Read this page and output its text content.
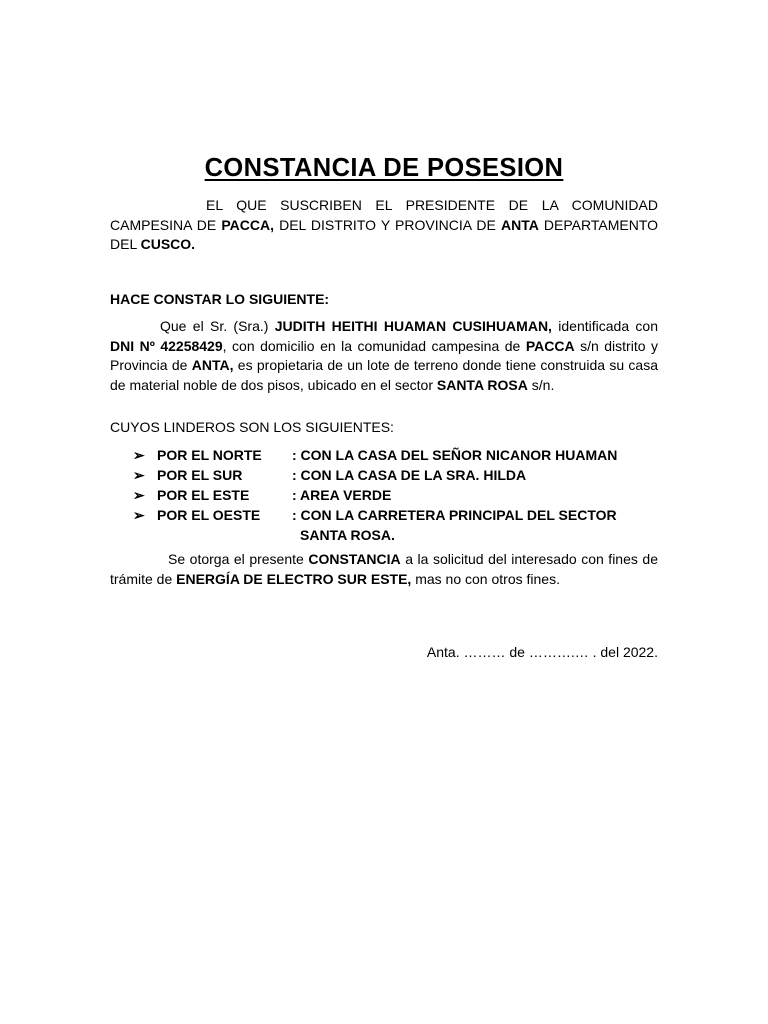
CONSTANCIA DE POSESION
EL QUE SUSCRIBEN EL PRESIDENTE DE LA COMUNIDAD CAMPESINA DE PACCA, DEL DISTRITO Y PROVINCIA DE ANTA DEPARTAMENTO DEL CUSCO.
HACE CONSTAR LO SIGUIENTE:
Que el Sr. (Sra.) JUDITH HEITHI HUAMAN CUSIHUAMAN, identificada con DNI Nº 42258429, con domicilio en la comunidad campesina de PACCA s/n distrito y Provincia de ANTA, es propietaria de un lote de terreno donde tiene construida su casa de material noble de dos pisos, ubicado en el sector SANTA ROSA s/n.
CUYOS LINDEROS SON LOS SIGUIENTES:
➢ POR EL NORTE	: CON LA CASA DEL SEÑOR NICANOR HUAMAN
➢ POR EL SUR	: CON LA CASA DE LA SRA. HILDA
➢ POR EL ESTE	: AREA VERDE
➢ POR EL OESTE	: CON LA CARRETERA PRINCIPAL DEL SECTOR
SANTA ROSA.
Se otorga el presente CONSTANCIA a la solicitud del interesado con fines de trámite de ENERGÍA DE ELECTRO SUR ESTE, mas no con otros fines.
Anta. ……… de ……….… . del 2022.
